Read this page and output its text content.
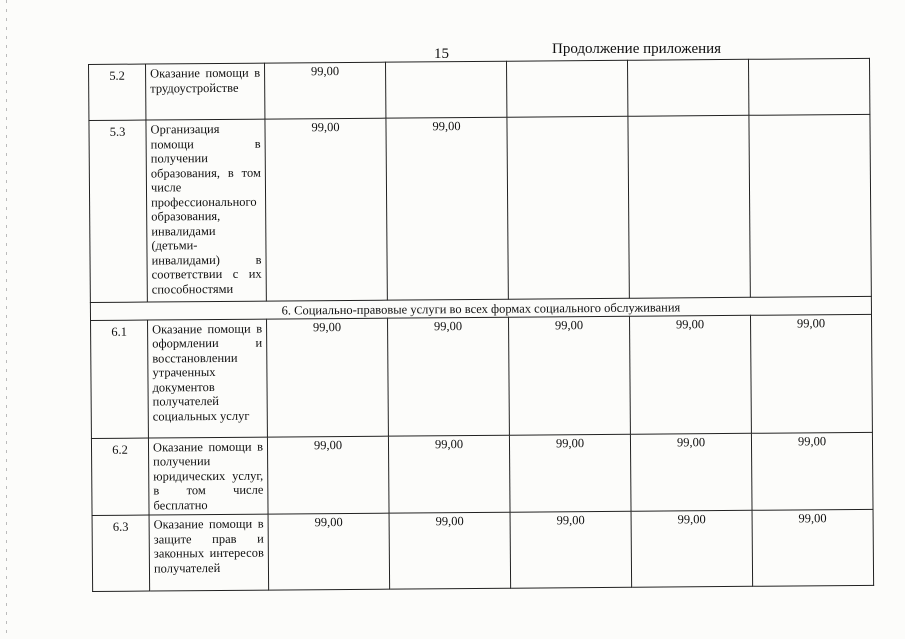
15	Продолжение приложения
5.2	Оказание помощи в трудоустройстве	99,00				
5.3	Организация помощи в получении образования, в том числе профессионального образования, инвалидами (детьми-инвалидами) в соответствии с их способностями	99,00	99,00			
6. Социально-правовые услуги во всех формах социального обслуживания						
6.1	Оказание помощи в оформлении и восстановлении утраченных документов получателей социальных услуг	99,00	99,00	99,00	99,00	99,00
6.2	Оказание помощи в получении юридических услуг, в том числе бесплатно	99,00	99,00	99,00	99,00	99,00
6.3	Оказание помощи в защите прав и законных интересов получателей	99,00	99,00	99,00	99,00	99,00
